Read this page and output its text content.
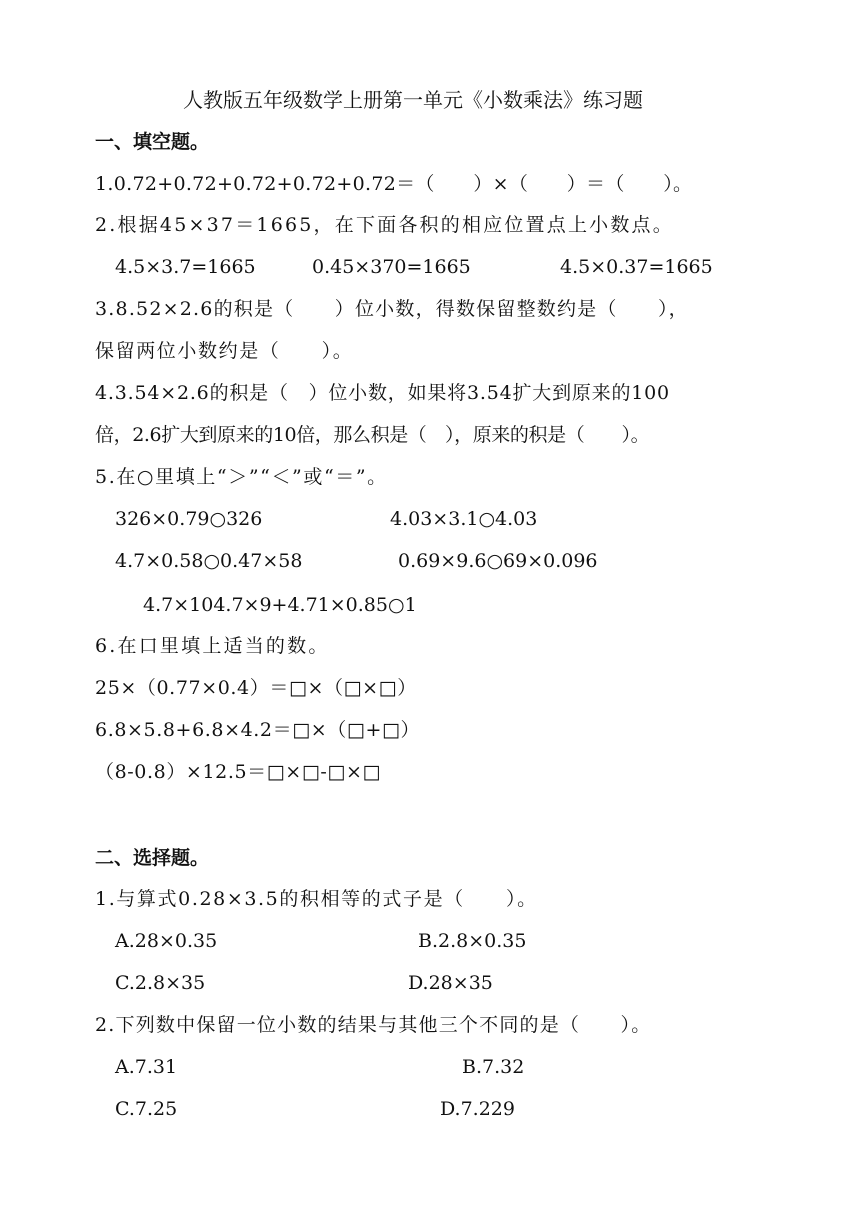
人教版五年级数学上册第一单元《小数乘法》练习题
一、填空题。
1.0.72+0.72+0.72+0.72+0.72＝（　　）×（　　）＝（　　）。
2.根据45×37＝1665，在下面各积的相应位置点上小数点。
4.5×3.7=1665	0.45×370=1665	4.5×0.37=1665
3.8.52×2.6的积是（　　）位小数，得数保留整数约是（　　），
保留两位小数约是（　　）。
4.3.54×2.6的积是（　）位小数，如果将3.54扩大到原来的100
倍，2.6扩大到原来的10倍，那么积是（　），原来的积是（　　）。
5.在○里填上“＞”“＜”或“＝”。
326×0.79○326	4.03×3.1○4.03
4.7×0.58○0.47×58	0.69×9.6○69×0.096
4.7×104.7×9+4.71×0.85○1
6.在口里填上适当的数。
25×（0.77×0.4）＝□×（□×□）
6.8×5.8+6.8×4.2＝□×（□+□）
（8-0.8）×12.5＝□×□-□×□
二、选择题。
1.与算式0.28×3.5的积相等的式子是（　　）。
A.28×0.35	B.2.8×0.35
C.2.8×35	D.28×35
2.下列数中保留一位小数的结果与其他三个不同的是（　　）。
A.7.31	B.7.32
C.7.25	D.7.229
